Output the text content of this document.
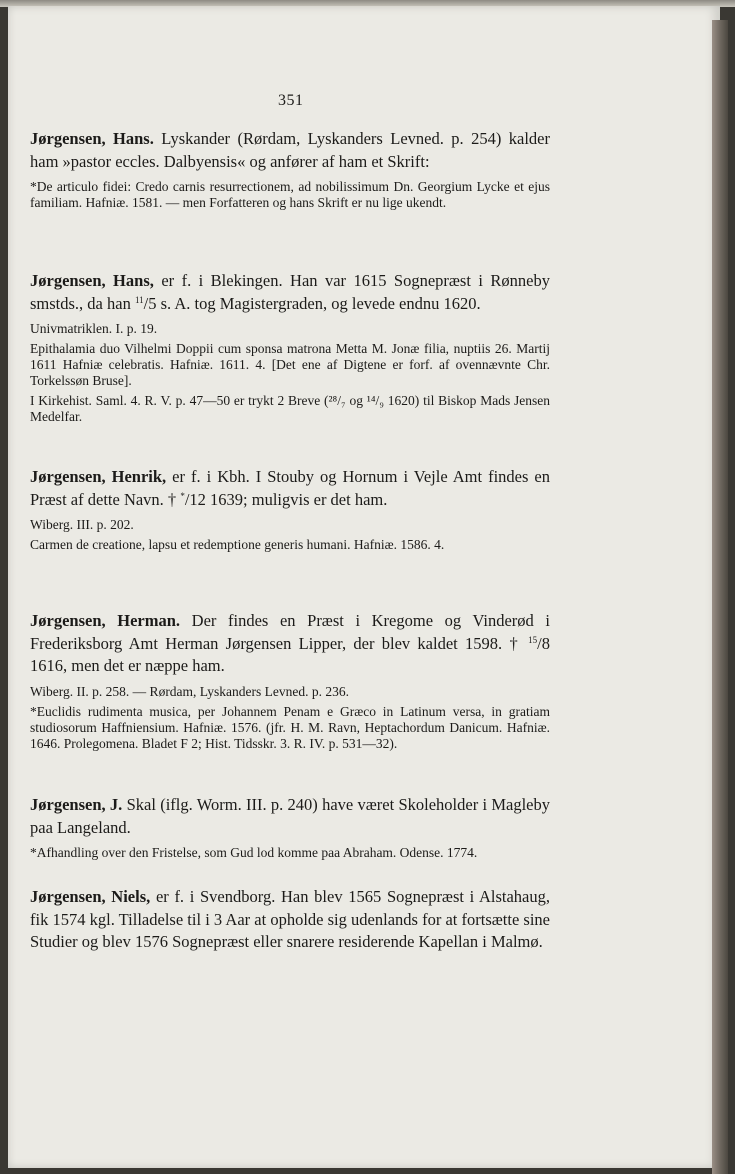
351

Jørgensen, Hans. Lyskander (Rørdam, Lyskanders Levned. p. 254) kalder ham »pastor eccles. Dalbyensis« og anfører af ham et Skrift:

*De articulo fidei: Credo carnis resurrectionem, ad nobilissimum Dn. Georgium Lycke et ejus familiam. Hafniæ. 1581. — men Forfatteren og hans Skrift er nu lige ukendt.

Jørgensen, Hans, er f. i Blekingen. Han var 1615 Sognepræst i Rønneby smstds., da han $^{11}$/5 s. A. tog Magistergraden, og levede endnu 1620.

Univmatriklen. I. p. 19.

Epithalamia duo Vilhelmi Doppii cum sponsa matrona Metta M. Jonæ filia, nuptiis 26. Martij 1611 Hafniæ celebratis. Hafniæ. 1611. 4. [Det ene af Digtene er forf. af ovennævnte Chr. Torkelssøn Bruse].

I Kirkehist. Saml. 4. R. V. p. 47—50 er trykt 2 Breve (²⁸/₇ og ¹⁴/₉ 1620) til Biskop Mads Jensen Medelfar.

Jørgensen, Henrik, er f. i Kbh. I Stouby og Hornum i Vejle Amt findes en Præst af dette Navn. † */12 1639; muligvis er det ham.

Wiberg. III. p. 202.

Carmen de creatione, lapsu et redemptione generis humani. Hafniæ. 1586. 4.

Jørgensen, Herman. Der findes en Præst i Kregome og Vinderød i Frederiksborg Amt Herman Jørgensen Lipper, der blev kaldet 1598. † $^{15}$/8 1616, men det er næppe ham.

Wiberg. II. p. 258. — Rørdam, Lyskanders Levned. p. 236.

*Euclidis rudimenta musica, per Johannem Penam e Græco in Latinum versa, in gratiam studiosorum Haffniensium. Hafniæ. 1576. (jfr. H. M. Ravn, Heptachordum Danicum. Hafniæ. 1646. Prolegomena. Bladet F 2; Hist. Tidsskr. 3. R. IV. p. 531—32).

Jørgensen, J. Skal (iflg. Worm. III. p. 240) have været Skoleholder i Magleby paa Langeland.

*Afhandling over den Fristelse, som Gud lod komme paa Abraham. Odense. 1774.

Jørgensen, Niels, er f. i Svendborg. Han blev 1565 Sognepræst i Alstahaug, fik 1574 kgl. Tilladelse til i 3 Aar at opholde sig udenlands for at fortsætte sine Studier og blev 1576 Sognepræst eller snarere residerende Kapellan i Malmø.
